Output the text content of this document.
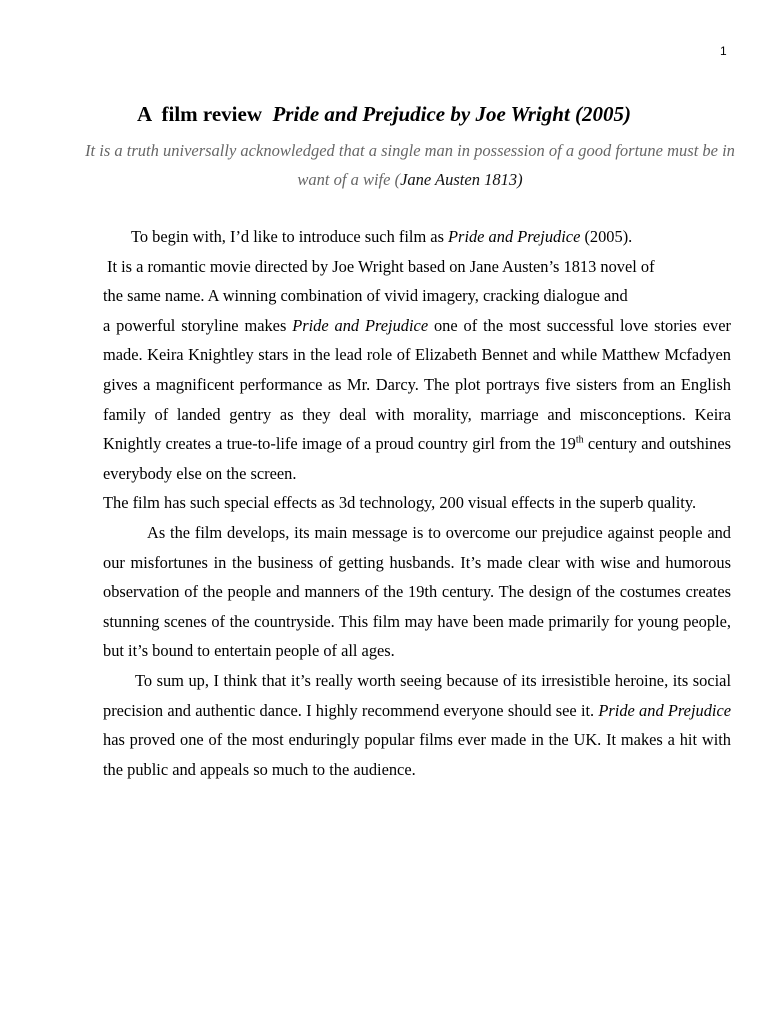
1
A  film review  Pride and Prejudice by Joe Wright (2005)
It is a truth universally acknowledged that a single man in possession of a good fortune must be in want of a wife (Jane Austen 1813)

To begin with, I’d like to introduce such film as Pride and Prejudice (2005).

It is a romantic movie directed by Joe Wright based on Jane Austen’s 1813 novel of

the same name. A winning combination of vivid imagery, cracking dialogue and

a powerful storyline makes Pride and Prejudice one of the most successful love stories ever made. Keira Knightley stars in the lead role of Elizabeth Bennet and while Matthew Mcfadyen gives a magnificent performance as Mr. Darcy. The plot portrays five sisters from an English family of landed gentry as they deal with morality, marriage and misconceptions. Keira Knightly creates a true-to-life image of a proud country girl from the 19th century and outshines everybody else on the screen.

The film has such special effects as 3d technology, 200 visual effects in the superb quality.

As the film develops, its main message is to overcome our prejudice against people and our misfortunes in the business of getting husbands. It’s made clear with wise and humorous observation of the people and manners of the 19th century. The design of the costumes creates stunning scenes of the countryside. This film may have been made primarily for young people, but it’s bound to entertain people of all ages.

To sum up, I think that it’s really worth seeing because of its irresistible heroine, its social precision and authentic dance. I highly recommend everyone should see it. Pride and Prejudice has proved one of the most enduringly popular films ever made in the UK. It makes a hit with the public and appeals so much to the audience.
